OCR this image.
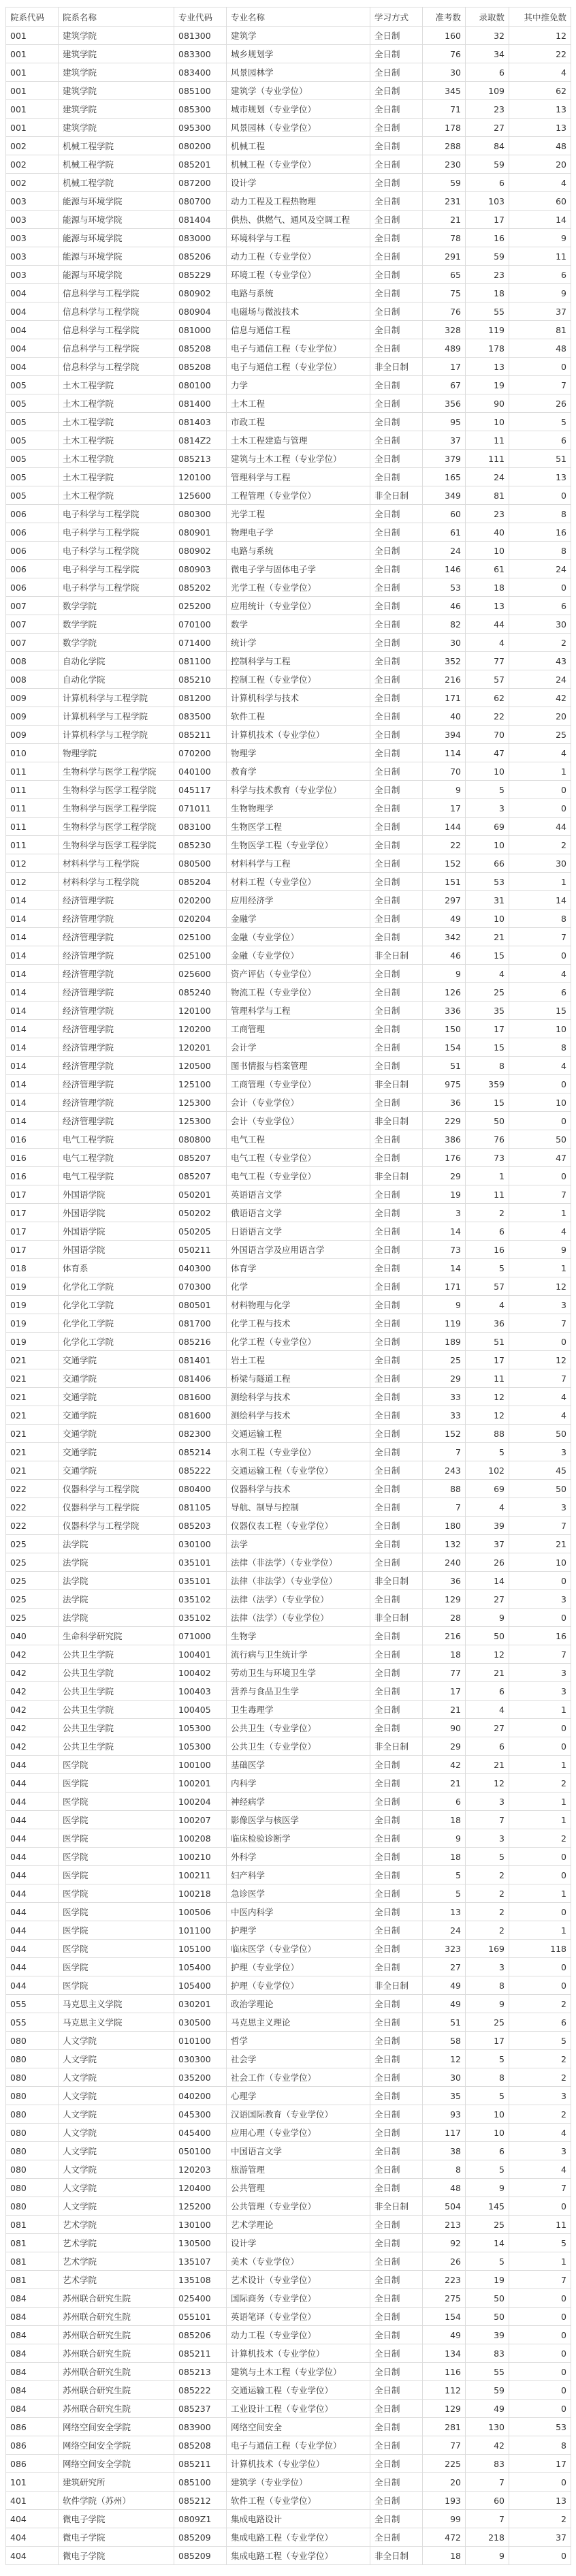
院系代码	院系名称	专业代码	专业名称	学习方式	准考数	录取数	其中推免数
001	建筑学院	081300	建筑学	全日制	160	32	12
001	建筑学院	083300	城乡规划学	全日制	76	34	22
001	建筑学院	083400	风景园林学	全日制	30	6	4
001	建筑学院	085100	建筑学（专业学位）	全日制	345	109	62
001	建筑学院	085300	城市规划（专业学位）	全日制	71	23	13
001	建筑学院	095300	风景园林（专业学位）	全日制	178	27	13
002	机械工程学院	080200	机械工程	全日制	288	84	48
002	机械工程学院	085201	机械工程（专业学位）	全日制	230	59	20
002	机械工程学院	087200	设计学	全日制	59	6	4
003	能源与环境学院	080700	动力工程及工程热物理	全日制	231	103	60
003	能源与环境学院	081404	供热、供燃气、通风及空调工程	全日制	21	17	14
003	能源与环境学院	083000	环境科学与工程	全日制	78	16	9
003	能源与环境学院	085206	动力工程（专业学位）	全日制	291	59	11
003	能源与环境学院	085229	环境工程（专业学位）	全日制	65	23	6
004	信息科学与工程学院	080902	电路与系统	全日制	75	18	9
004	信息科学与工程学院	080904	电磁场与微波技术	全日制	76	55	37
004	信息科学与工程学院	081000	信息与通信工程	全日制	328	119	81
004	信息科学与工程学院	085208	电子与通信工程（专业学位）	全日制	489	178	48
004	信息科学与工程学院	085208	电子与通信工程（专业学位）	非全日制	17	13	0
005	土木工程学院	080100	力学	全日制	67	19	7
005	土木工程学院	081400	土木工程	全日制	356	90	26
005	土木工程学院	081403	市政工程	全日制	95	10	5
005	土木工程学院	0814Z2	土木工程建造与管理	全日制	37	11	6
005	土木工程学院	085213	建筑与土木工程（专业学位）	全日制	379	111	51
005	土木工程学院	120100	管理科学与工程	全日制	165	24	13
005	土木工程学院	125600	工程管理（专业学位）	非全日制	349	81	0
006	电子科学与工程学院	080300	光学工程	全日制	60	23	8
006	电子科学与工程学院	080901	物理电子学	全日制	61	40	16
006	电子科学与工程学院	080902	电路与系统	全日制	24	10	8
006	电子科学与工程学院	080903	微电子学与固体电子学	全日制	146	61	24
006	电子科学与工程学院	085202	光学工程（专业学位）	全日制	53	18	0
007	数学学院	025200	应用统计（专业学位）	全日制	46	13	6
007	数学学院	070100	数学	全日制	82	44	30
007	数学学院	071400	统计学	全日制	30	4	2
008	自动化学院	081100	控制科学与工程	全日制	352	77	43
008	自动化学院	085210	控制工程（专业学位）	全日制	216	57	24
009	计算机科学与工程学院	081200	计算机科学与技术	全日制	171	62	42
009	计算机科学与工程学院	083500	软件工程	全日制	40	22	20
009	计算机科学与工程学院	085211	计算机技术（专业学位）	全日制	394	70	25
010	物理学院	070200	物理学	全日制	114	47	4
011	生物科学与医学工程学院	040100	教育学	全日制	70	10	1
011	生物科学与医学工程学院	045117	科学与技术教育（专业学位）	全日制	9	5	0
011	生物科学与医学工程学院	071011	生物物理学	全日制	17	3	0
011	生物科学与医学工程学院	083100	生物医学工程	全日制	144	69	44
011	生物科学与医学工程学院	085230	生物医学工程（专业学位）	全日制	22	10	2
012	材料科学与工程学院	080500	材料科学与工程	全日制	152	66	30
012	材料科学与工程学院	085204	材料工程（专业学位）	全日制	151	53	1
014	经济管理学院	020200	应用经济学	全日制	297	31	14
014	经济管理学院	020204	金融学	全日制	49	10	8
014	经济管理学院	025100	金融（专业学位）	全日制	342	21	7
014	经济管理学院	025100	金融（专业学位）	非全日制	46	15	0
014	经济管理学院	025600	资产评估（专业学位）	全日制	9	4	4
014	经济管理学院	085240	物流工程（专业学位）	全日制	126	25	6
014	经济管理学院	120100	管理科学与工程	全日制	336	35	15
014	经济管理学院	120200	工商管理	全日制	150	17	10
014	经济管理学院	120201	会计学	全日制	154	15	8
014	经济管理学院	120500	图书情报与档案管理	全日制	51	8	4
014	经济管理学院	125100	工商管理（专业学位）	非全日制	975	359	0
014	经济管理学院	125300	会计（专业学位）	全日制	36	15	10
014	经济管理学院	125300	会计（专业学位）	非全日制	229	50	0
016	电气工程学院	080800	电气工程	全日制	386	76	50
016	电气工程学院	085207	电气工程（专业学位）	全日制	176	73	47
016	电气工程学院	085207	电气工程（专业学位）	非全日制	29	1	0
017	外国语学院	050201	英语语言文学	全日制	19	11	7
017	外国语学院	050202	俄语语言文学	全日制	3	2	1
017	外国语学院	050205	日语语言文学	全日制	14	6	4
017	外国语学院	050211	外国语言学及应用语言学	全日制	73	16	9
018	体育系	040300	体育学	全日制	14	5	1
019	化学化工学院	070300	化学	全日制	171	57	12
019	化学化工学院	080501	材料物理与化学	全日制	9	4	3
019	化学化工学院	081700	化学工程与技术	全日制	119	36	7
019	化学化工学院	085216	化学工程（专业学位）	全日制	189	51	0
021	交通学院	081401	岩土工程	全日制	25	17	12
021	交通学院	081406	桥梁与隧道工程	全日制	29	11	7
021	交通学院	081600	测绘科学与技术	全日制	33	12	4
021	交通学院	081600	测绘科学与技术	全日制	33	12	4
021	交通学院	082300	交通运输工程	全日制	152	88	50
021	交通学院	085214	水利工程（专业学位）	全日制	7	5	3
021	交通学院	085222	交通运输工程（专业学位）	全日制	243	102	45
022	仪器科学与工程学院	080400	仪器科学与技术	全日制	88	69	50
022	仪器科学与工程学院	081105	导航、制导与控制	全日制	7	4	3
022	仪器科学与工程学院	085203	仪器仪表工程（专业学位）	全日制	180	39	7
025	法学院	030100	法学	全日制	132	37	21
025	法学院	035101	法律（非法学）（专业学位）	全日制	240	26	10
025	法学院	035101	法律（非法学）（专业学位）	非全日制	36	14	0
025	法学院	035102	法律（法学）（专业学位）	全日制	129	27	3
025	法学院	035102	法律（法学）（专业学位）	非全日制	28	9	0
040	生命科学研究院	071000	生物学	全日制	216	50	16
042	公共卫生学院	100401	流行病与卫生统计学	全日制	18	12	7
042	公共卫生学院	100402	劳动卫生与环境卫生学	全日制	77	21	3
042	公共卫生学院	100403	营养与食品卫生学	全日制	17	6	3
042	公共卫生学院	100405	卫生毒理学	全日制	21	4	1
042	公共卫生学院	105300	公共卫生（专业学位）	全日制	90	27	0
042	公共卫生学院	105300	公共卫生（专业学位）	非全日制	29	6	0
044	医学院	100100	基础医学	全日制	42	21	1
044	医学院	100201	内科学	全日制	21	12	2
044	医学院	100204	神经病学	全日制	6	3	1
044	医学院	100207	影像医学与核医学	全日制	18	7	1
044	医学院	100208	临床检验诊断学	全日制	9	3	2
044	医学院	100210	外科学	全日制	18	5	0
044	医学院	100211	妇产科学	全日制	5	2	0
044	医学院	100218	急诊医学	全日制	5	2	1
044	医学院	100506	中医内科学	全日制	13	2	0
044	医学院	101100	护理学	全日制	24	2	1
044	医学院	105100	临床医学（专业学位）	全日制	323	169	118
044	医学院	105400	护理（专业学位）	全日制	27	3	0
044	医学院	105400	护理（专业学位）	非全日制	49	8	0
055	马克思主义学院	030201	政治学理论	全日制	49	9	2
055	马克思主义学院	030500	马克思主义理论	全日制	51	25	6
080	人文学院	010100	哲学	全日制	58	17	5
080	人文学院	030300	社会学	全日制	12	5	2
080	人文学院	035200	社会工作（专业学位）	全日制	30	8	2
080	人文学院	040200	心理学	全日制	35	5	3
080	人文学院	045300	汉语国际教育（专业学位）	全日制	93	10	2
080	人文学院	045400	应用心理（专业学位）	全日制	117	10	4
080	人文学院	050100	中国语言文学	全日制	38	6	3
080	人文学院	120203	旅游管理	全日制	8	5	4
080	人文学院	120400	公共管理	全日制	48	9	7
080	人文学院	125200	公共管理（专业学位）	非全日制	504	145	0
081	艺术学院	130100	艺术学理论	全日制	213	25	11
081	艺术学院	130500	设计学	全日制	92	14	5
081	艺术学院	135107	美术（专业学位）	全日制	26	5	1
081	艺术学院	135108	艺术设计（专业学位）	全日制	223	19	7
084	苏州联合研究生院	025400	国际商务（专业学位）	全日制	275	50	0
084	苏州联合研究生院	055101	英语笔译（专业学位）	全日制	154	50	0
084	苏州联合研究生院	085206	动力工程（专业学位）	全日制	49	39	0
084	苏州联合研究生院	085211	计算机技术（专业学位）	全日制	134	83	0
084	苏州联合研究生院	085213	建筑与土木工程（专业学位）	全日制	116	55	0
084	苏州联合研究生院	085222	交通运输工程（专业学位）	全日制	112	59	0
084	苏州联合研究生院	085237	工业设计工程（专业学位）	全日制	129	49	0
086	网络空间安全学院	083900	网络空间安全	全日制	281	130	53
086	网络空间安全学院	085208	电子与通信工程（专业学位）	全日制	77	42	8
086	网络空间安全学院	085211	计算机技术（专业学位）	全日制	225	83	17
101	建筑研究所	085100	建筑学（专业学位）	全日制	20	7	0
401	软件学院（苏州）	085212	软件工程（专业学位）	全日制	193	60	13
404	微电子学院	0809Z1	集成电路设计	全日制	99	7	2
404	微电子学院	085209	集成电路工程（专业学位）	全日制	472	218	37
404	微电子学院	085209	集成电路工程（专业学位）	非全日制	18	9	0
